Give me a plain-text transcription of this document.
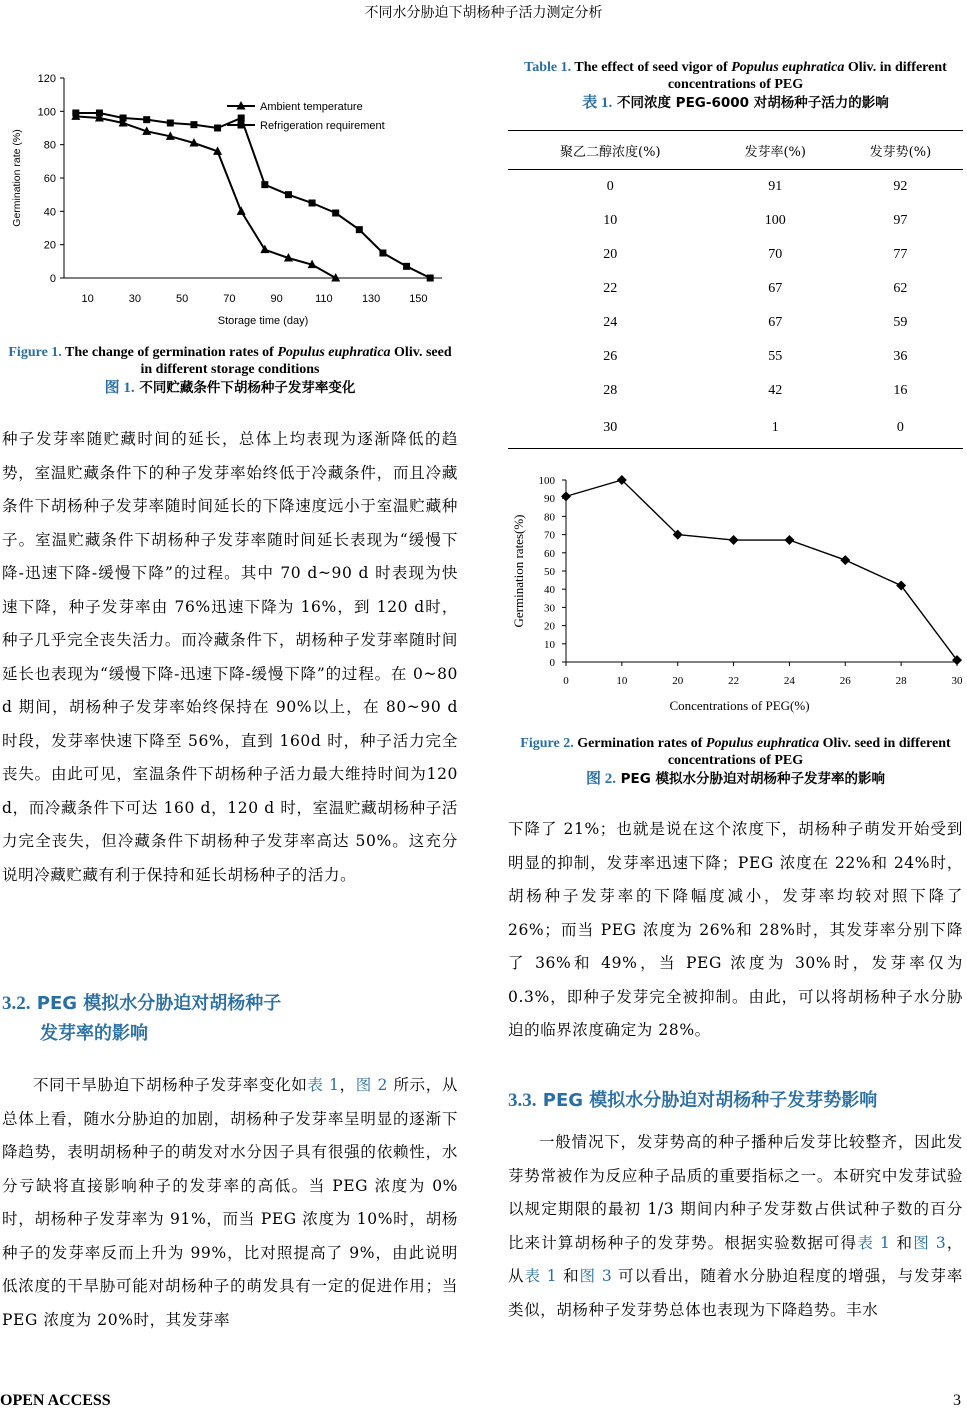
不同水分胁迫下胡杨种子活力测定分析
0
20
40
60
80
100
120
10	30	50	70	90	110	130	150
Storage time (day)
Germination rate (%)
Ambient temperature
Refrigeration requirement
Figure 1. The change of germination rates of Populus euphratica Oliv. seed in different storage conditions
图 1. 不同贮藏条件下胡杨种子发芽率变化

种子发芽率随贮藏时间的延长，总体上均表现为逐渐降低的趋势，室温贮藏条件下的种子发芽率始终低于冷藏条件，而且冷藏条件下胡杨种子发芽率随时间延长的下降速度远小于室温贮藏种子。室温贮藏条件下胡杨种子发芽率随时间延长表现为“缓慢下降-迅速下降-缓慢下降”的过程。其中 70 d~90 d 时表现为快速下降，种子发芽率由 76%迅速下降为 16%，到 120 d时，种子几乎完全丧失活力。而冷藏条件下，胡杨种子发芽率随时间延长也表现为“缓慢下降-迅速下降-缓慢下降”的过程。在 0~80 d 期间，胡杨种子发芽率始终保持在 90%以上，在 80~90 d 时段，发芽率快速下降至 56%，直到 160d 时，种子活力完全丧失。由此可见，室温条件下胡杨种子活力最大维持时间为120 d，而冷藏条件下可达 160 d，120 d 时，室温贮藏胡杨种子活力完全丧失，但冷藏条件下胡杨种子发芽率高达 50%。这充分说明冷藏贮藏有利于保持和延长胡杨种子的活力。

3.2. PEG 模拟水分胁迫对胡杨种子
发芽率的影响

不同干旱胁迫下胡杨种子发芽率变化如表 1，图 2 所示，从总体上看，随水分胁迫的加剧，胡杨种子发芽率呈明显的逐渐下降趋势，表明胡杨种子的萌发对水分因子具有很强的依赖性，水分亏缺将直接影响种子的发芽率的高低。当 PEG 浓度为 0%时，胡杨种子发芽率为 91%，而当 PEG 浓度为 10%时，胡杨种子的发芽率反而上升为 99%，比对照提高了 9%，由此说明低浓度的干旱胁可能对胡杨种子的萌发具有一定的促进作用；当 PEG 浓度为 20%时，其发芽率

Table 1. The effect of seed vigor of Populus euphratica Oliv. in different concentrations of PEG
表 1. 不同浓度 PEG-6000 对胡杨种子活力的影响
聚乙二醇浓度(%)	发芽率(%)	发芽势(%)
0	91	92
10	100	97
20	70	77
22	67	62
24	67	59
26	55	36
28	42	16
30	1	0
0
10
20
30
40
50
60
70
80
90
100
0	10	20	22	24	26	28	30
Concentrations of PEG(%)
Germination rates(%)
Figure 2. Germination rates of Populus euphratica Oliv. seed in different concentrations of PEG
图 2. PEG 模拟水分胁迫对胡杨种子发芽率的影响

下降了 21%；也就是说在这个浓度下，胡杨种子萌发开始受到明显的抑制，发芽率迅速下降；PEG 浓度在 22%和 24%时，胡杨种子发芽率的下降幅度减小，发芽率均较对照下降了 26%；而当 PEG 浓度为 26%和 28%时，其发芽率分别下降了 36%和 49%，当 PEG 浓度为 30%时，发芽率仅为 0.3%，即种子发芽完全被抑制。由此，可以将胡杨种子水分胁迫的临界浓度确定为 28%。

3.3. PEG 模拟水分胁迫对胡杨种子发芽势影响

一般情况下，发芽势高的种子播种后发芽比较整齐，因此发芽势常被作为反应种子品质的重要指标之一。本研究中发芽试验以规定期限的最初 1/3 期间内种子发芽数占供试种子数的百分比来计算胡杨种子的发芽势。根据实验数据可得表 1 和图 3，从表 1 和图 3 可以看出，随着水分胁迫程度的增强，与发芽率类似，胡杨种子发芽势总体也表现为下降趋势。丰水

OPEN ACCESS	3
